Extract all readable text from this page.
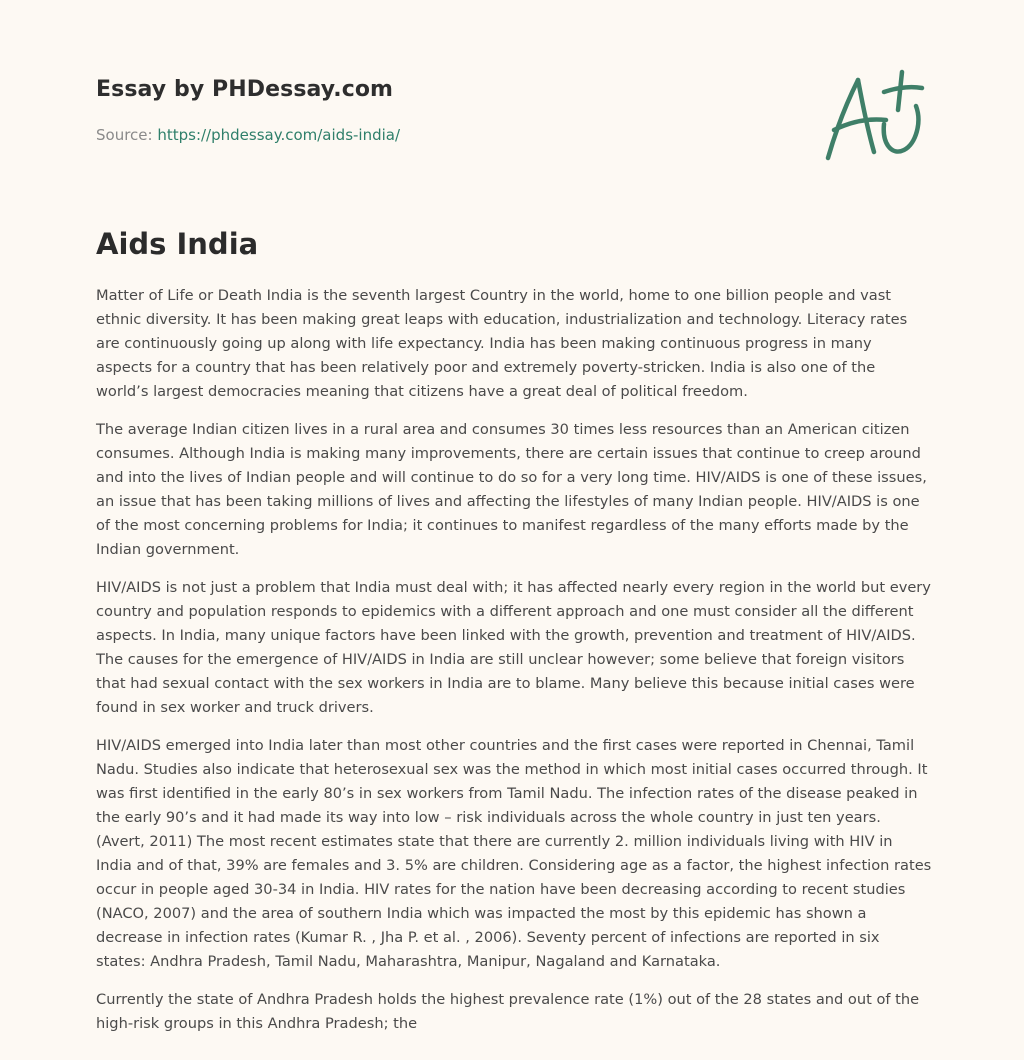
Essay by PHDessay.com
Source: https://phdessay.com/aids-india/
Aids India

Matter of Life or Death India is the seventh largest Country in the world, home to one billion people and vast ethnic diversity. It has been making great leaps with education, industrialization and technology. Literacy rates are continuously going up along with life expectancy. India has been making continuous progress in many aspects for a country that has been relatively poor and extremely poverty-stricken. India is also one of the world’s largest democracies meaning that citizens have a great deal of political freedom.

The average Indian citizen lives in a rural area and consumes 30 times less resources than an American citizen consumes. Although India is making many improvements, there are certain issues that continue to creep around and into the lives of Indian people and will continue to do so for a very long time. HIV/AIDS is one of these issues, an issue that has been taking millions of lives and affecting the lifestyles of many Indian people. HIV/AIDS is one of the most concerning problems for India; it continues to manifest regardless of the many efforts made by the Indian government.

HIV/AIDS is not just a problem that India must deal with; it has affected nearly every region in the world but every country and population responds to epidemics with a different approach and one must consider all the different aspects. In India, many unique factors have been linked with the growth, prevention and treatment of HIV/AIDS. The causes for the emergence of HIV/AIDS in India are still unclear however; some believe that foreign visitors that had sexual contact with the sex workers in India are to blame. Many believe this because initial cases were found in sex worker and truck drivers.

HIV/AIDS emerged into India later than most other countries and the first cases were reported in Chennai, Tamil Nadu. Studies also indicate that heterosexual sex was the method in which most initial cases occurred through. It was first identified in the early 80’s in sex workers from Tamil Nadu. The infection rates of the disease peaked in the early 90’s and it had made its way into low – risk individuals across the whole country in just ten years. (Avert, 2011) The most recent estimates state that there are currently 2. million individuals living with HIV in India and of that, 39% are females and 3. 5% are children. Considering age as a factor, the highest infection rates occur in people aged 30-34 in India. HIV rates for the nation have been decreasing according to recent studies (NACO, 2007) and the area of southern India which was impacted the most by this epidemic has shown a decrease in infection rates (Kumar R. , Jha P. et al. , 2006). Seventy percent of infections are reported in six states: Andhra Pradesh, Tamil Nadu, Maharashtra, Manipur, Nagaland and Karnataka.

Currently the state of Andhra Pradesh holds the highest prevalence rate (1%) out of the 28 states and out of the high-risk groups in this Andhra Pradesh; the
